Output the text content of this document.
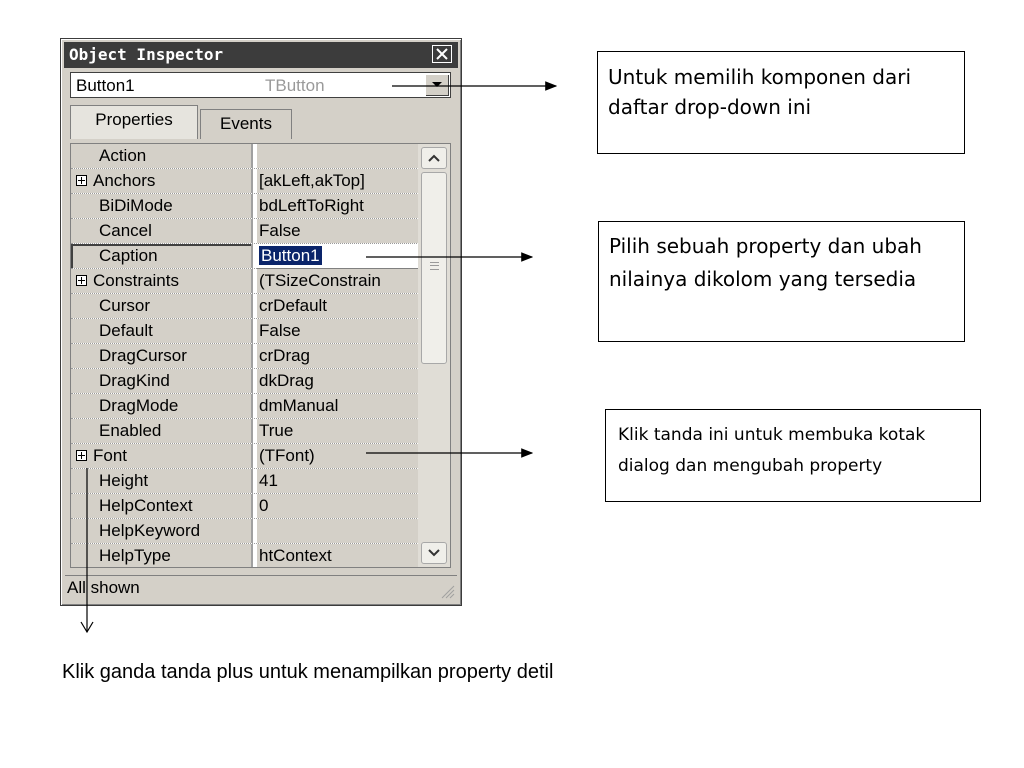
Object Inspector
Button1	TButton
Properties	Events
Action
Anchors	[akLeft,akTop]
BiDiMode	bdLeftToRight
Cancel	False
Caption	Button1
Constraints	(TSizeConstrain
Cursor	crDefault
Default	False
DragCursor	crDrag
DragKind	dkDrag
DragMode	dmManual
Enabled	True
Font	(TFont)
Height	41
HelpContext	0
HelpKeyword
HelpType	htContext
All shown
Untuk memilih komponen dari daftar drop-down ini
Pilih sebuah property dan ubah nilainya dikolom yang tersedia
Klik tanda ini untuk membuka kotak dialog dan mengubah property
Klik ganda tanda plus untuk menampilkan property detil
